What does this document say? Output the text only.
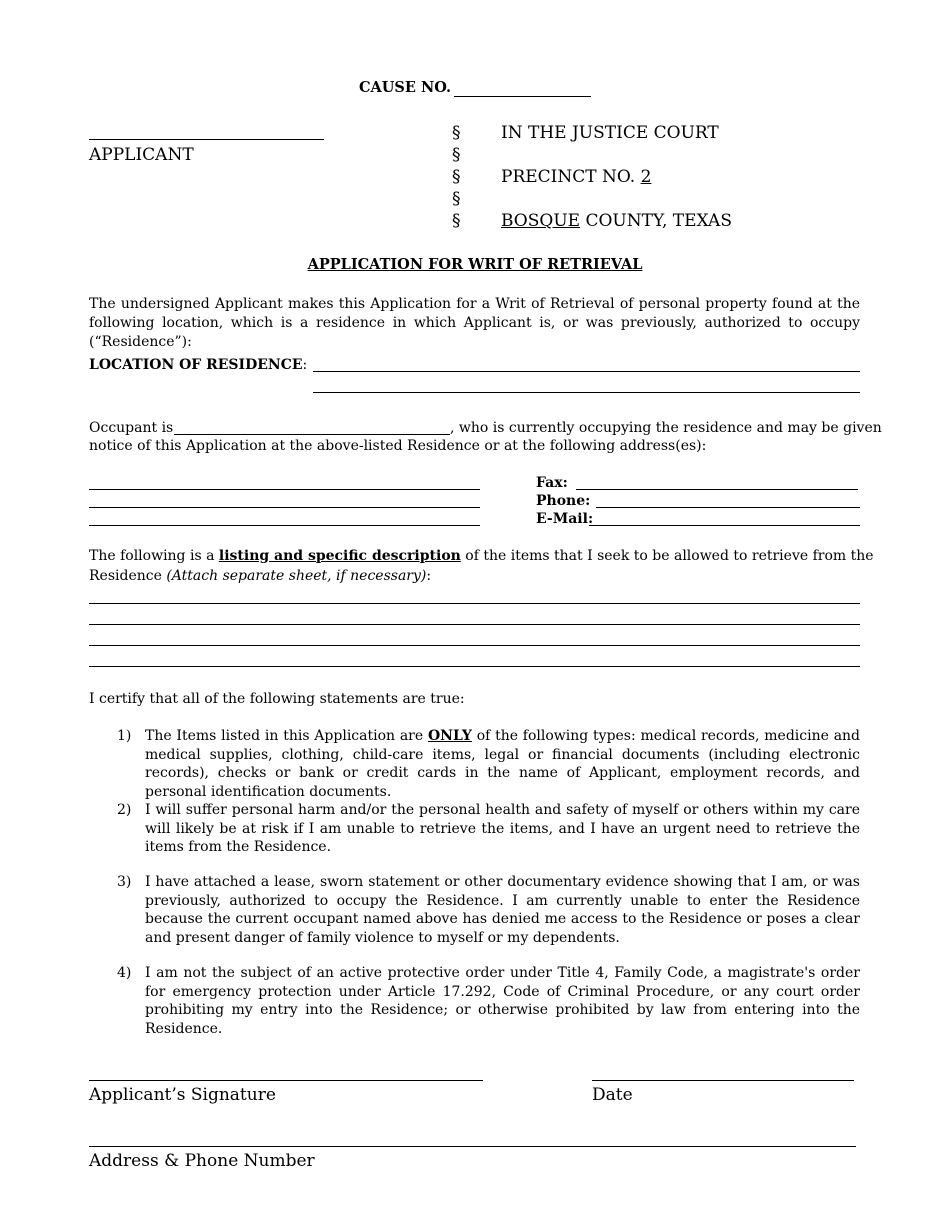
CAUSE NO.
APPLICANT
§
§
§
§
§
IN THE JUSTICE COURT
PRECINCT NO. 2
BOSQUE COUNTY, TEXAS
APPLICATION FOR WRIT OF RETRIEVAL
The undersigned Applicant makes this Application for a Writ of Retrieval of personal property found at the following location, which is a residence in which Applicant is, or was previously, authorized to occupy (“Residence”):
LOCATION OF RESIDENCE:
Occupant is	, who is currently occupying the residence and may be given
notice of this Application at the above-listed Residence or at the following address(es):
Fax:
Phone:
E-Mail:
The following is a listing and specific description of the items that I seek to be allowed to retrieve from the
Residence (Attach separate sheet, if necessary):
I certify that all of the following statements are true:
1) The Items listed in this Application are ONLY of the following types: medical records, medicine and medical supplies, clothing, child-care items, legal or financial documents (including electronic records), checks or bank or credit cards in the name of Applicant, employment records, and personal identification documents.
2) I will suffer personal harm and/or the personal health and safety of myself or others within my care will likely be at risk if I am unable to retrieve the items, and I have an urgent need to retrieve the items from the Residence.
3) I have attached a lease, sworn statement or other documentary evidence showing that I am, or was previously, authorized to occupy the Residence. I am currently unable to enter the Residence because the current occupant named above has denied me access to the Residence or poses a clear and present danger of family violence to myself or my dependents.
4) I am not the subject of an active protective order under Title 4, Family Code, a magistrate's order for emergency protection under Article 17.292, Code of Criminal Procedure, or any court order prohibiting my entry into the Residence; or otherwise prohibited by law from entering into the Residence.
Applicant’s Signature	Date
Address & Phone Number
